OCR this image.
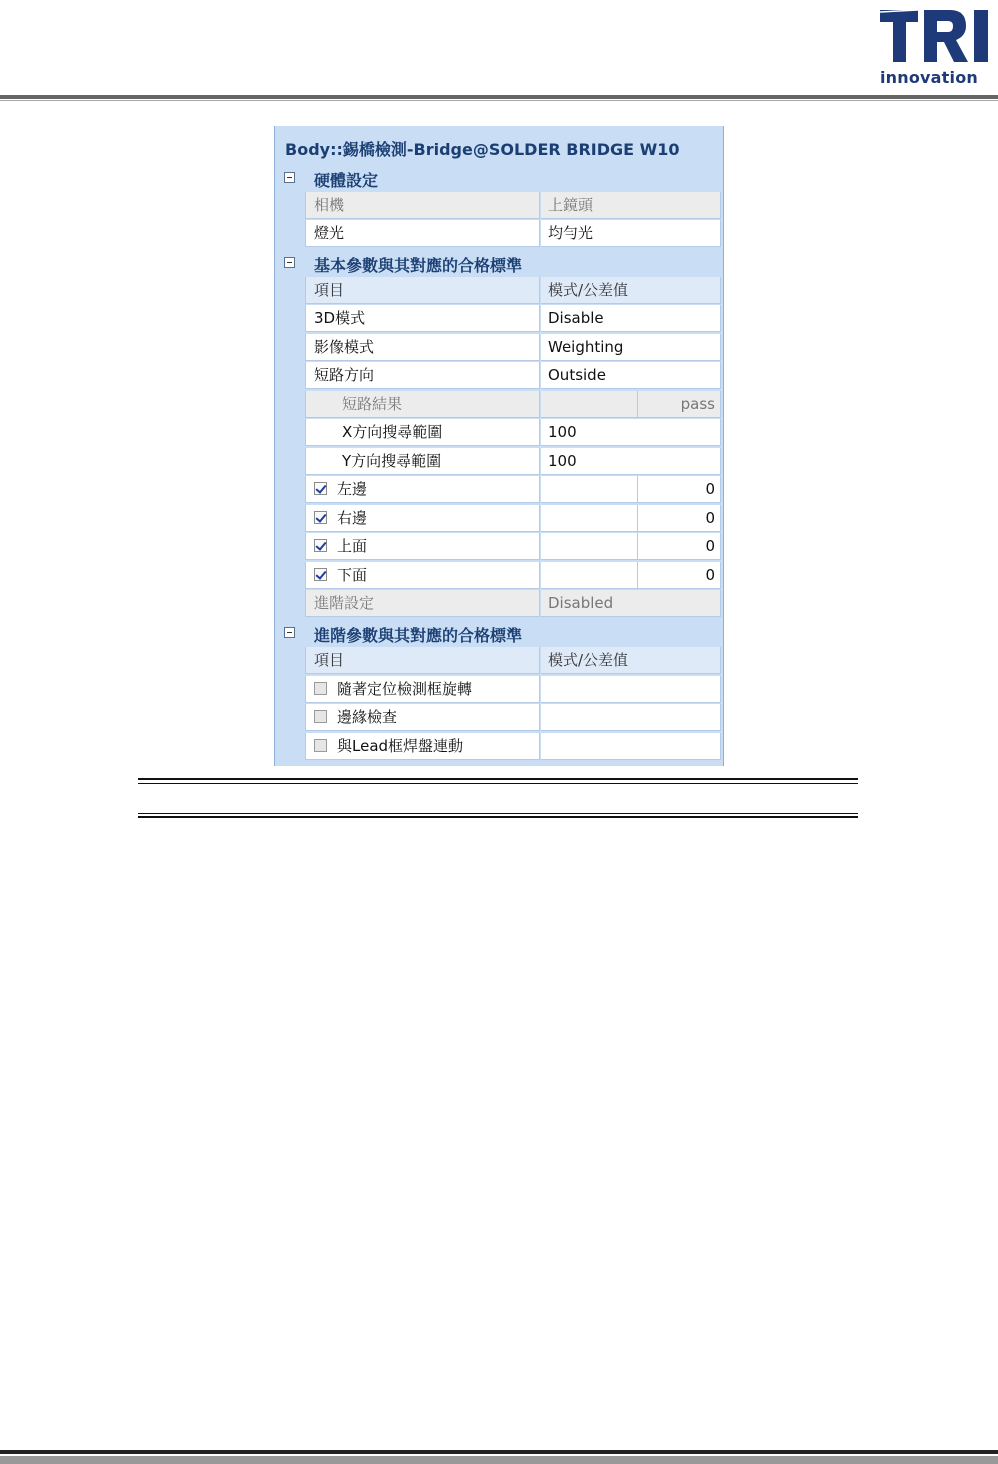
innovation
Body::錫橋檢測-Bridge@SOLDER BRIDGE W10
硬體設定
相機	上鏡頭
燈光	均勻光
基本參數與其對應的合格標準
項目	模式/公差值
3D模式	Disable
影像模式	Weighting
短路方向	Outside
短路結果	pass
X方向搜尋範圍	100
Y方向搜尋範圍	100
左邊	0
右邊	0
上面	0
下面	0
進階設定	Disabled
進階參數與其對應的合格標準
項目	模式/公差值
隨著定位檢測框旋轉
邊緣檢查
與Lead框焊盤連動
